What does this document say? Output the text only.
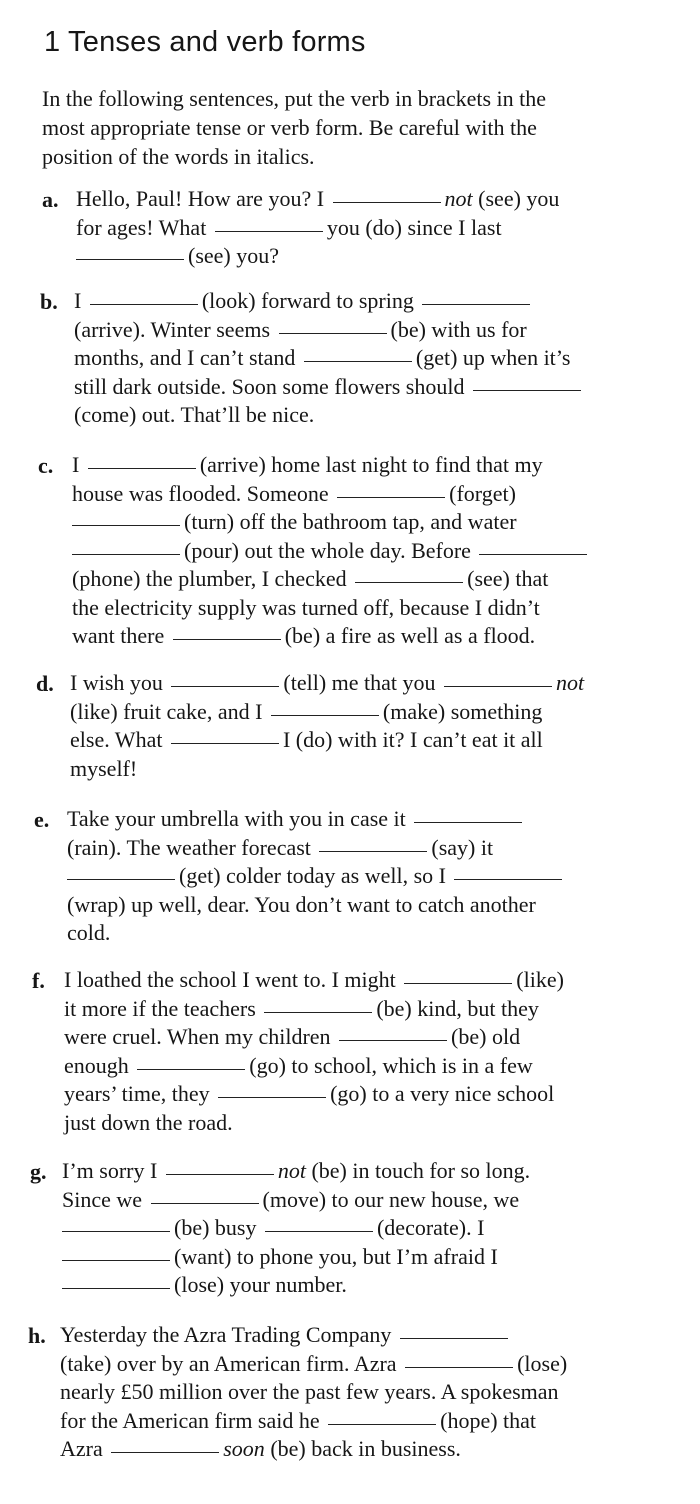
1 Tenses and verb forms
In the following sentences, put the verb in brackets in the
most appropriate tense or verb form. Be careful with the
position of the words in italics.
a. Hello, Paul! How are you? I	not (see) you
for ages! What	you (do) since I last
(see) you?
b. I	(look) forward to spring
(arrive). Winter seems	(be) with us for
months, and I can’t stand	(get) up when it’s
still dark outside. Soon some flowers should
(come) out. That’ll be nice.
c. I	(arrive) home last night to find that my
house was flooded. Someone	(forget)
(turn) off the bathroom tap, and water
(pour) out the whole day. Before
(phone) the plumber, I checked	(see) that
the electricity supply was turned off, because I didn’t
want there	(be) a fire as well as a flood.
d. I wish you	(tell) me that you	not
(like) fruit cake, and I	(make) something
else. What	I (do) with it? I can’t eat it all
myself!
e. Take your umbrella with you in case it
(rain). The weather forecast	(say) it
(get) colder today as well, so I
(wrap) up well, dear. You don’t want to catch another
cold.
f. I loathed the school I went to. I might	(like)
it more if the teachers	(be) kind, but they
were cruel. When my children	(be) old
enough	(go) to school, which is in a few
years’ time, they	(go) to a very nice school
just down the road.
g. I’m sorry I	not (be) in touch for so long.
Since we	(move) to our new house, we
(be) busy	(decorate). I
(want) to phone you, but I’m afraid I
(lose) your number.
h. Yesterday the Azra Trading Company
(take) over by an American firm. Azra	(lose)
nearly £50 million over the past few years. A spokesman
for the American firm said he	(hope) that
Azra	soon (be) back in business.
